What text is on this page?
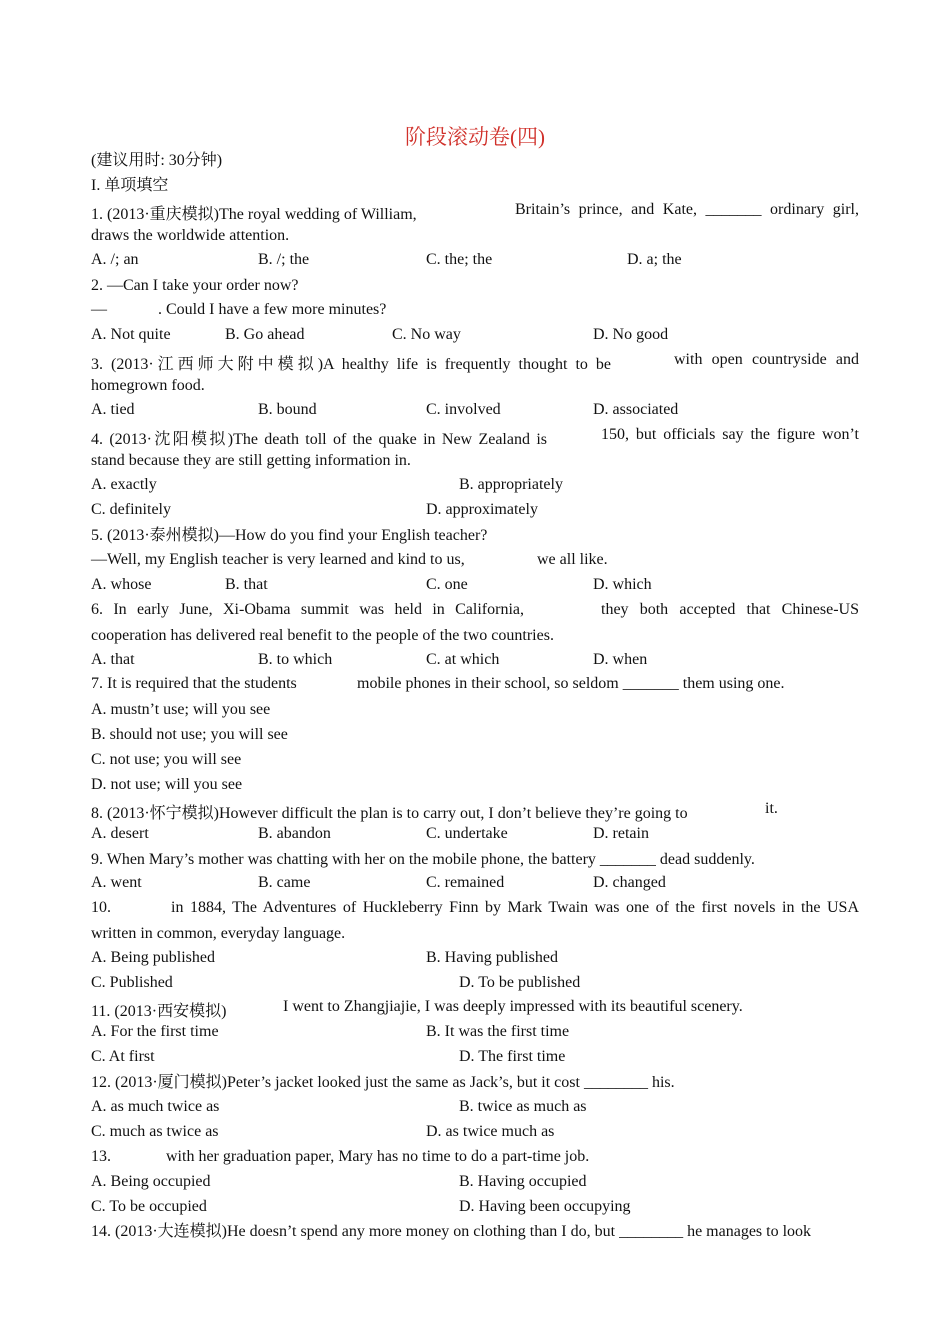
阶段滚动卷(四)
(建议用时: 30分钟)
I. 单项填空
1. (2013·重庆模拟)The royal wedding of William,	Britain’s prince, and Kate, _______ ordinary girl,
draws the worldwide attention.
A. /; an	B. /; the	C. the; the	D. a; the
2. —Can I take your order now?
—	. Could I have a few more minutes?
A. Not quite	B. Go ahead	C. No way	D. No good
3. (2013·江西师大附中模拟)A healthy life is frequently thought to be	with open countryside and
homegrown food.
A. tied	B. bound	C. involved	D. associated
4. (2013·沈阳模拟)The death toll of the quake in New Zealand is	150, but officials say the figure won’t
stand because they are still getting information in.
A. exactly	B. appropriately
C. definitely	D. approximately
5. (2013·泰州模拟)—How do you find your English teacher?
—Well, my English teacher is very learned and kind to us,	we all like.
A. whose	B. that	C. one	D. which
6. In early June, Xi-Obama summit was held in California,	they both accepted that Chinese-US
cooperation has delivered real benefit to the people of the two countries.
A. that	B. to which	C. at which	D. when
7. It is required that the students	mobile phones in their school, so seldom _______ them using one.
A. mustn’t use; will you see
B. should not use; you will see
C. not use; you will see
D. not use; will you see
8. (2013·怀宁模拟)However difficult the plan is to carry out, I don’t believe they’re going to	it.
A. desert	B. abandon	C. undertake	D. retain
9. When Mary’s mother was chatting with her on the mobile phone, the battery _______ dead suddenly.
A. went	B. came	C. remained	D. changed
10.	in 1884, The Adventures of Huckleberry Finn by Mark Twain was one of the first novels in the USA
written in common, everyday language.
A. Being published	B. Having published
C. Published	D. To be published
11. (2013·西安模拟)	I went to Zhangjiajie, I was deeply impressed with its beautiful scenery.
A. For the first time	B. It was the first time
C. At first	D. The first time
12. (2013·厦门模拟)Peter’s jacket looked just the same as Jack’s, but it cost ________ his.
A. as much twice as	B. twice as much as
C. much as twice as	D. as twice much as
13.	with her graduation paper, Mary has no time to do a part-time job.
A. Being occupied	B. Having occupied
C. To be occupied	D. Having been occupying
14. (2013·大连模拟)He doesn’t spend any more money on clothing than I do, but ________ he manages to look
